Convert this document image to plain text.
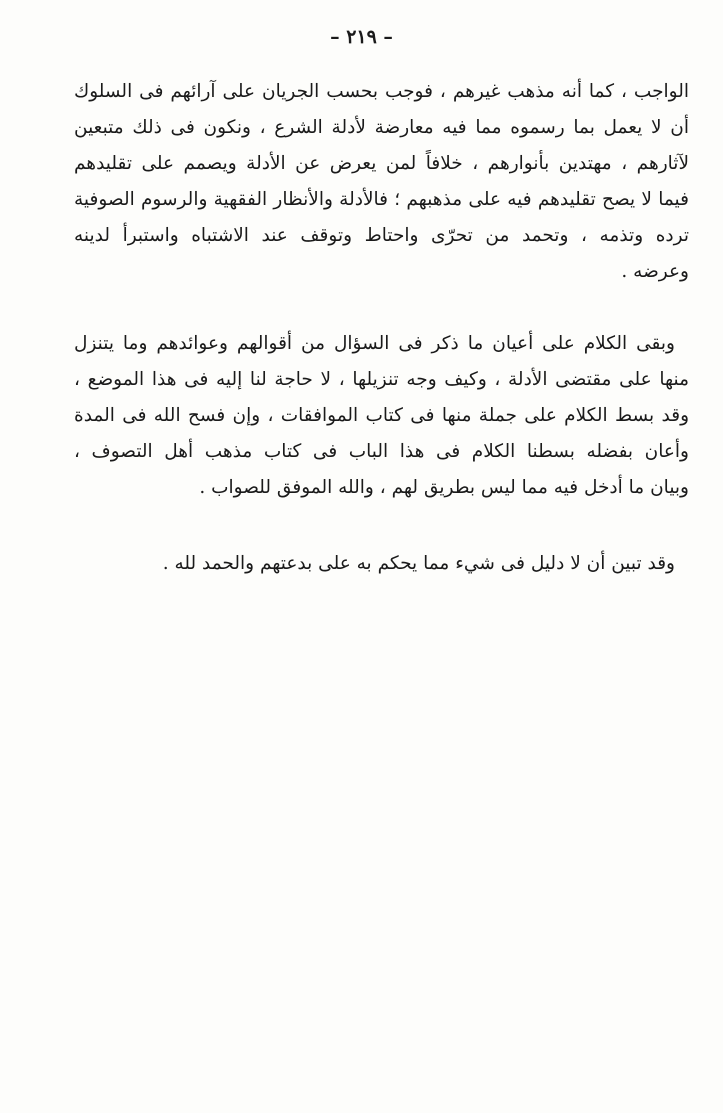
– ٢١٩ –
الواجب ، كما أنه مذهب غيرهم ، فوجب بحسب الجريان على آرائهم فى السلوك
أن لا يعمل بما رسموه مما فيه معارضة لأدلة الشرع ، ونكون فى ذلك متبعين
لآثارهم ، مهتدين بأنوارهم ، خلافاً لمن يعرض عن الأدلة ويصمم على تقليدهم
فيما لا يصح تقليدهم فيه على مذهبهم ؛ فالأدلة والأنظار الفقهية والرسوم الصوفية
ترده وتذمه ، وتحمد من تحرّى واحتاط وتوقف عند الاشتباه واستبرأ لدينه
وعرضه .
وبقى الكلام على أعيان ما ذكر فى السؤال من أقوالهم وعوائدهم وما يتنزل
منها على مقتضى الأدلة ، وكيف وجه تنزيلها ، لا حاجة لنا إليه فى هذا الموضع ،
وقد بسط الكلام على جملة منها فى كتاب الموافقات ، وإن فسح الله فى المدة
وأعان بفضله بسطنا الكلام فى هذا الباب فى كتاب مذهب أهل التصوف ،
وبيان ما أدخل فيه مما ليس بطريق لهم ، والله الموفق للصواب .
وقد تبين أن لا دليل فى شيء مما يحكم به على بدعتهم والحمد لله .
